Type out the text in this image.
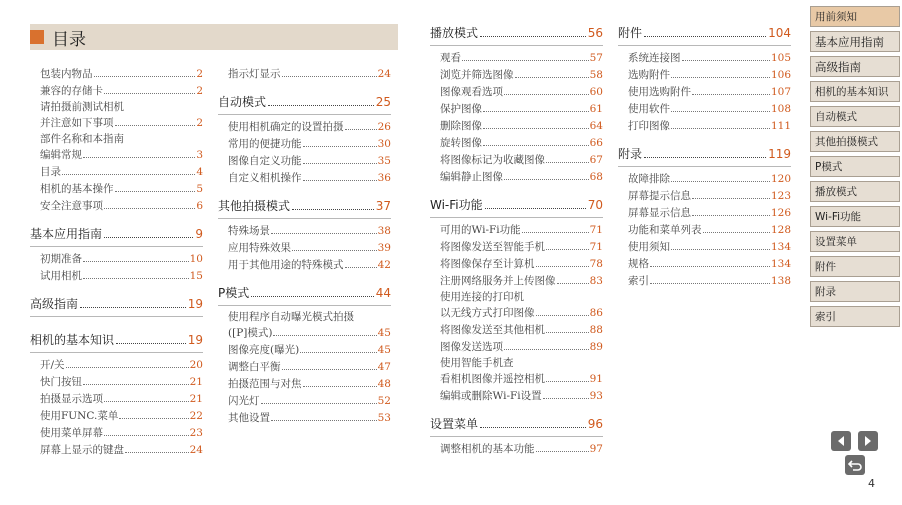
目录
包装内物品	2
兼容的存储卡	2
请拍摄前测试相机
并注意如下事项	2
部件名称和本指南
编辑常规	3
目录	4
相机的基本操作	5
安全注意事项	6
基本应用指南	9
初期准备	10
试用相机	15
高级指南	19
相机的基本知识	19
开/关	20
快门按钮	21
拍摄显示选项	21
使用FUNC.菜单	22
使用菜单屏幕	23
屏幕上显示的键盘	24
指示灯显示	24
自动模式	25
使用相机确定的设置拍摄	26
常用的便捷功能	30
图像自定义功能	35
自定义相机操作	36
其他拍摄模式	37
特殊场景	38
应用特殊效果	39
用于其他用途的特殊模式	42
P模式	44
使用程序自动曝光模式拍摄
([P]模式)	45
图像亮度(曝光)	45
调整白平衡	47
拍摄范围与对焦	48
闪光灯	52
其他设置	53
播放模式	56
观看	57
浏览并筛选图像	58
图像观看选项	60
保护图像	61
删除图像	64
旋转图像	66
将图像标记为收藏图像	67
编辑静止图像	68
Wi-Fi功能	70
可用的Wi-Fi功能	71
将图像发送至智能手机	71
将图像保存至计算机	78
注册网络服务并上传图像	83
使用连接的打印机
以无线方式打印图像	86
将图像发送至其他相机	88
图像发送选项	89
使用智能手机查
看相机图像并遥控相机	91
编辑或删除Wi-Fi设置	93
设置菜单	96
调整相机的基本功能	97
附件	104
系统连接图	105
选购附件	106
使用选购附件	107
使用软件	108
打印图像	111
附录	119
故障排除	120
屏幕提示信息	123
屏幕显示信息	126
功能和菜单列表	128
使用须知	134
规格	134
索引	138
用前须知
基本应用指南
高级指南
相机的基本知识
自动模式
其他拍摄模式
P模式
播放模式
Wi-Fi功能
设置菜单
附件
附录
索引
4
